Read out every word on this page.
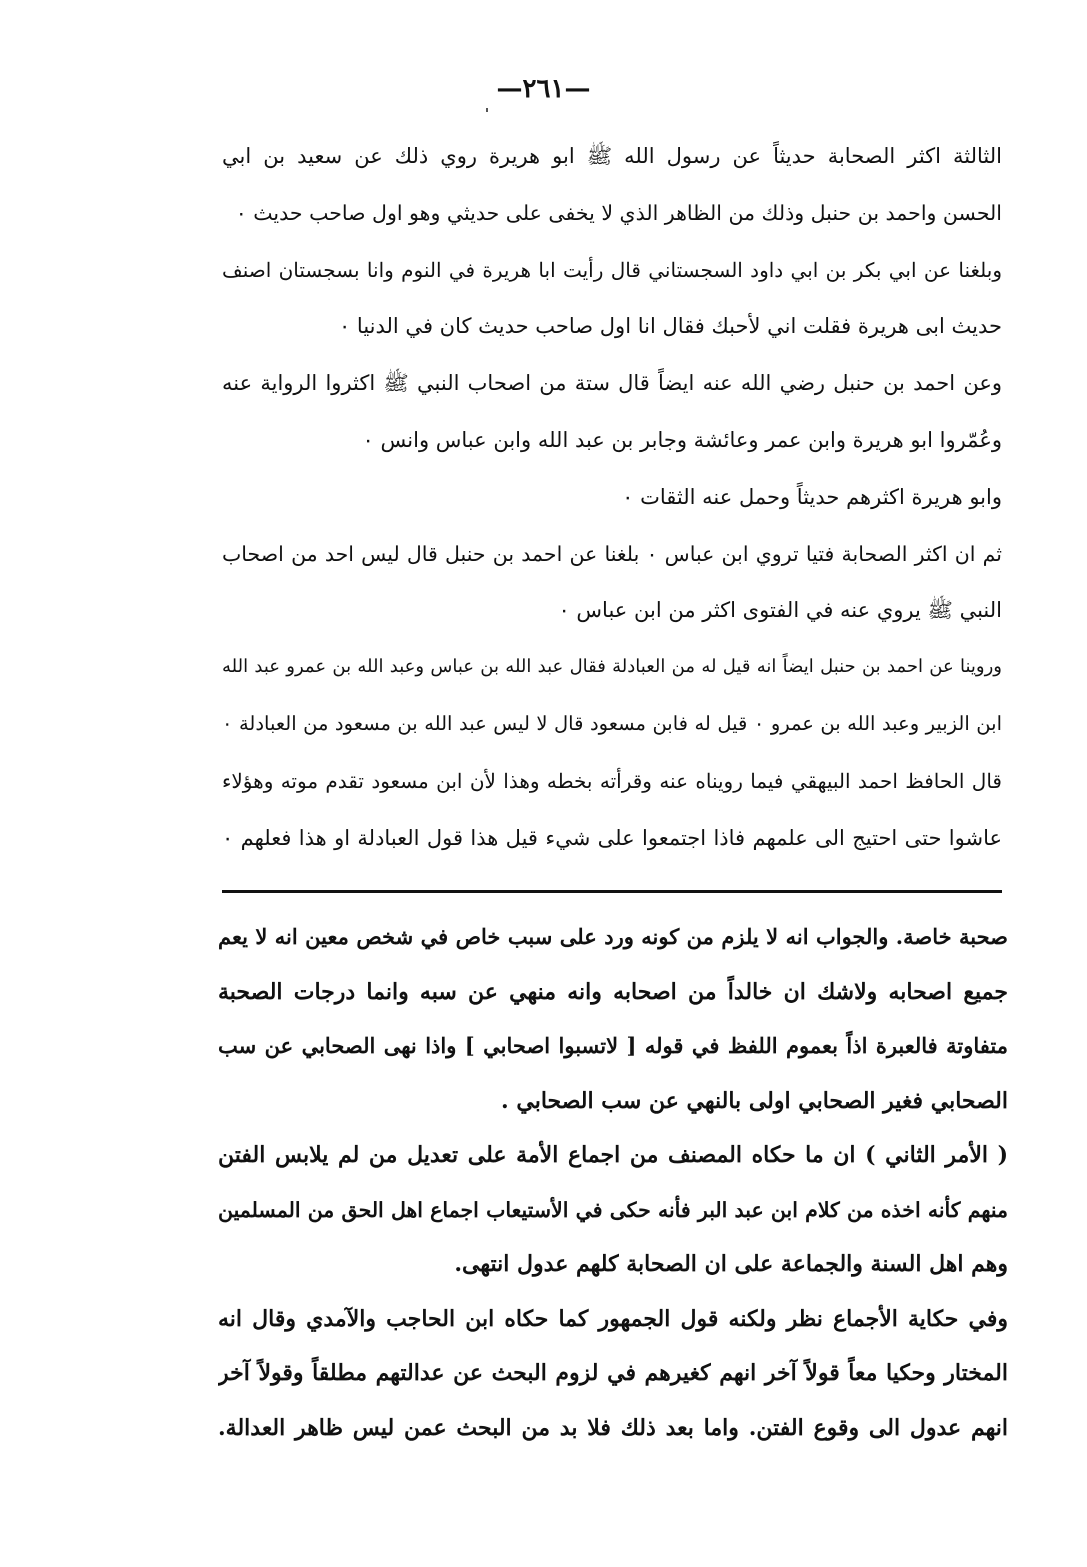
—٢٦١—
الثالثة اكثر الصحابة حديثاً عن رسول الله ﷺ ابو هريرة روي ذلك عن سعيد بن ابي
الحسن واحمد بن حنبل وذلك من الظاهر الذي لا يخفى على حديثي وهو اول صاحب حديث ٠
وبلغنا عن ابي بكر بن ابي داود السجستاني قال رأيت ابا هريرة في النوم وانا بسجستان اصنف
حديث ابى هريرة فقلت اني لأحبك فقال انا اول صاحب حديث كان في الدنيا ٠
وعن احمد بن حنبل رضي الله عنه ايضاً قال ستة من اصحاب النبي ﷺ اكثروا الرواية عنه
وعُمّروا ابو هريرة وابن عمر وعائشة وجابر بن عبد الله وابن عباس وانس ٠
وابو هريرة اكثرهم حديثاً وحمل عنه الثقات ٠
ثم ان اكثر الصحابة فتيا تروي ابن عباس ٠ بلغنا عن احمد بن حنبل قال ليس احد من اصحاب
النبي ﷺ يروي عنه في الفتوى اكثر من ابن عباس ٠
وروينا عن احمد بن حنبل ايضاً انه قيل له من العبادلة فقال عبد الله بن عباس وعبد الله بن عمرو عبد الله
ابن الزبير وعبد الله بن عمرو ٠ قيل له فابن مسعود قال لا ليس عبد الله بن مسعود من العبادلة ٠
قال الحافظ احمد البيهقي فيما رويناه عنه وقرأته بخطه وهذا لأن ابن مسعود تقدم موته وهؤلاء
عاشوا حتى احتيج الى علمهم فاذا اجتمعوا على شيء قيل هذا قول العبادلة او هذا فعلهم ٠
صحبة خاصة. والجواب انه لا يلزم من كونه ورد على سبب خاص في شخص معين انه لا يعم
جميع اصحابه ولاشك ان خالداً من اصحابه وانه منهي عن سبه وانما درجات الصحبة
متفاوتة فالعبرة اذاً بعموم اللفظ في قوله [ لاتسبوا اصحابي ] واذا نهى الصحابي عن سب
الصحابي فغير الصحابي اولى بالنهي عن سب الصحابي .
( الأمر الثاني ) ان ما حكاه المصنف من اجماع الأمة على تعديل من لم يلابس الفتن
منهم كأنه اخذه من كلام ابن عبد البر فأنه حكى في الأستيعاب اجماع اهل الحق من المسلمين
وهم اهل السنة والجماعة على ان الصحابة كلهم عدول انتهى.
وفي حكاية الأجماع نظر ولكنه قول الجمهور كما حكاه ابن الحاجب والآمدي وقال انه
المختار وحكيا معاً قولاً آخر انهم كغيرهم في لزوم البحث عن عدالتهم مطلقاً وقولاً آخر
انهم عدول الى وقوع الفتن. واما بعد ذلك فلا بد من البحث عمن ليس ظاهر العدالة.
